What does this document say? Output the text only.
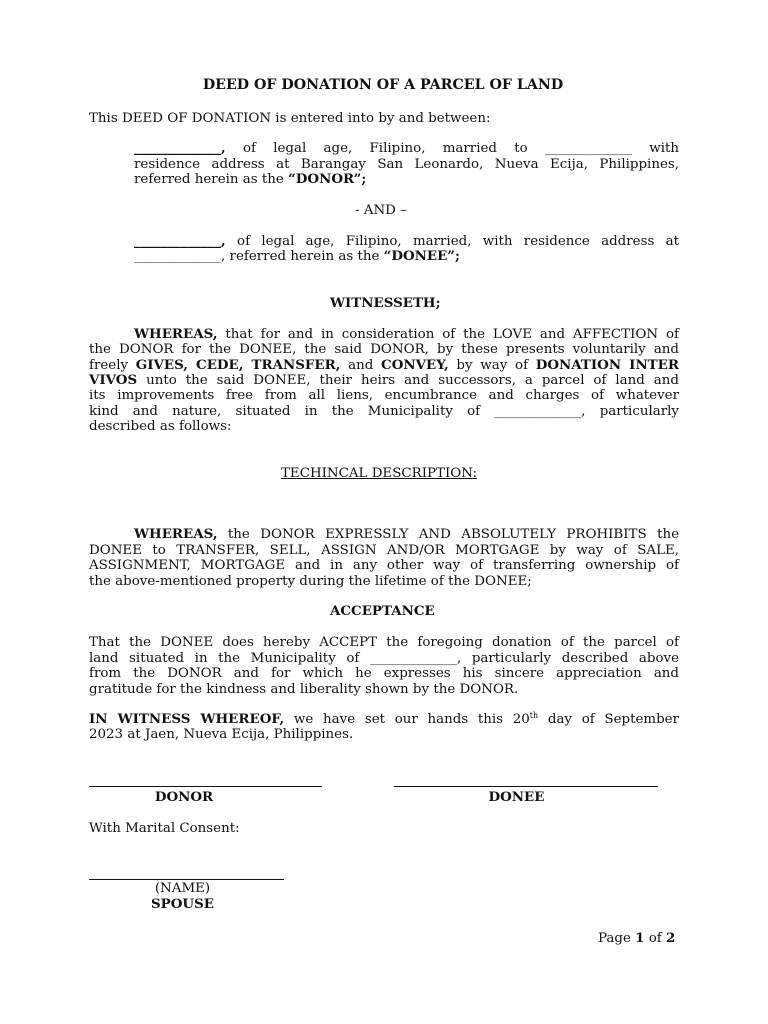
DEED OF DONATION OF A PARCEL OF LAND
This DEED OF DONATION is entered into by and between:
_____________, of legal age, Filipino, married to _____________ with
residence address at Barangay San Leonardo, Nueva Ecija, Philippines,
referred herein as the “DONOR”;
- AND –
_____________, of legal age, Filipino, married, with residence address at
_____________, referred herein as the “DONEE”;
WITNESSETH;
WHEREAS, that for and in consideration of the LOVE and AFFECTION of
the DONOR for the DONEE, the said DONOR, by these presents voluntarily and
freely GIVES, CEDE, TRANSFER, and CONVEY, by way of DONATION INTER
VIVOS unto the said DONEE, their heirs and successors, a parcel of land and
its improvements free from all liens, encumbrance and charges of whatever
kind and nature, situated in the Municipality of _____________, particularly
described as follows:
TECHINCAL DESCRIPTION:
WHEREAS, the DONOR EXPRESSLY AND ABSOLUTELY PROHIBITS the
DONEE to TRANSFER, SELL, ASSIGN AND/OR MORTGAGE by way of SALE,
ASSIGNMENT, MORTGAGE and in any other way of transferring ownership of
the above-mentioned property during the lifetime of the DONEE;
ACCEPTANCE
That the DONEE does hereby ACCEPT the foregoing donation of the parcel of
land situated in the Municipality of _____________, particularly described above
from the DONOR and for which he expresses his sincere appreciation and
gratitude for the kindness and liberality shown by the DONOR.
IN WITNESS WHEREOF, we have set our hands this 20th day of September
2023 at Jaen, Nueva Ecija, Philippines.
DONOR	DONEE
With Marital Consent:
(NAME)
SPOUSE
Page 1 of 2
